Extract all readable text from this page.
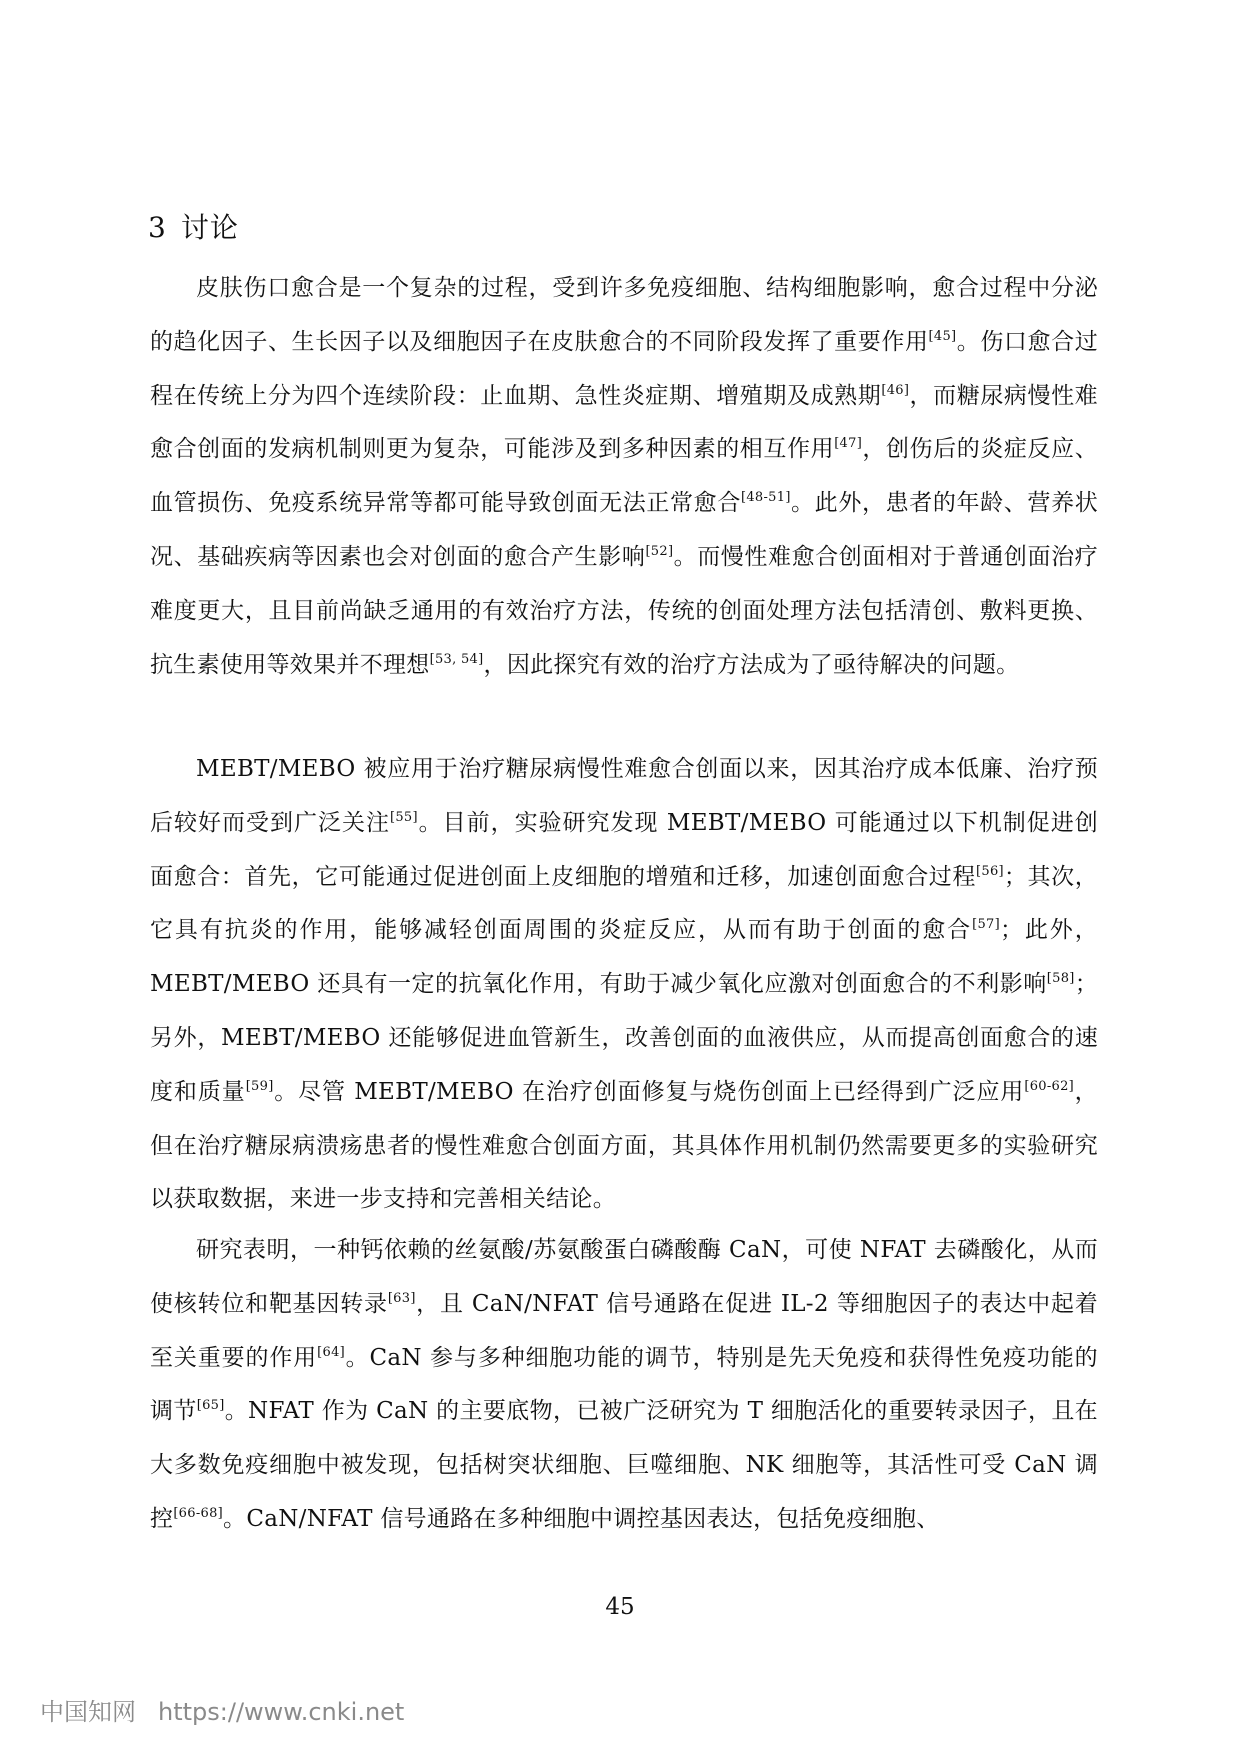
3 讨论

皮肤伤口愈合是一个复杂的过程，受到许多免疫细胞、结构细胞影响，愈合过程中分泌的趋化因子、生长因子以及细胞因子在皮肤愈合的不同阶段发挥了重要作用[45]。伤口愈合过程在传统上分为四个连续阶段：止血期、急性炎症期、增殖期及成熟期[46]，而糖尿病慢性难愈合创面的发病机制则更为复杂，可能涉及到多种因素的相互作用[47]，创伤后的炎症反应、血管损伤、免疫系统异常等都可能导致创面无法正常愈合[48-51]。此外，患者的年龄、营养状况、基础疾病等因素也会对创面的愈合产生影响[52]。而慢性难愈合创面相对于普通创面治疗难度更大，且目前尚缺乏通用的有效治疗方法，传统的创面处理方法包括清创、敷料更换、抗生素使用等效果并不理想[53, 54]，因此探究有效的治疗方法成为了亟待解决的问题。

MEBT/MEBO 被应用于治疗糖尿病慢性难愈合创面以来，因其治疗成本低廉、治疗预后较好而受到广泛关注[55]。目前，实验研究发现 MEBT/MEBO 可能通过以下机制促进创面愈合：首先，它可能通过促进创面上皮细胞的增殖和迁移，加速创面愈合过程[56]；其次，它具有抗炎的作用，能够减轻创面周围的炎症反应，从而有助于创面的愈合[57]；此外，MEBT/MEBO 还具有一定的抗氧化作用，有助于减少氧化应激对创面愈合的不利影响[58]；另外，MEBT/MEBO 还能够促进血管新生，改善创面的血液供应，从而提高创面愈合的速度和质量[59]。尽管 MEBT/MEBO 在治疗创面修复与烧伤创面上已经得到广泛应用[60-62]，但在治疗糖尿病溃疡患者的慢性难愈合创面方面，其具体作用机制仍然需要更多的实验研究以获取数据，来进一步支持和完善相关结论。

研究表明，一种钙依赖的丝氨酸/苏氨酸蛋白磷酸酶 CaN，可使 NFAT 去磷酸化，从而使核转位和靶基因转录[63]，且 CaN/NFAT 信号通路在促进 IL-2 等细胞因子的表达中起着至关重要的作用[64]。CaN 参与多种细胞功能的调节，特别是先天免疫和获得性免疫功能的调节[65]。NFAT 作为 CaN 的主要底物，已被广泛研究为 T 细胞活化的重要转录因子，且在大多数免疫细胞中被发现，包括树突状细胞、巨噬细胞、NK 细胞等，其活性可受 CaN 调控[66-68]。CaN/NFAT 信号通路在多种细胞中调控基因表达，包括免疫细胞、

45
中国知网 https://www.cnki.net
